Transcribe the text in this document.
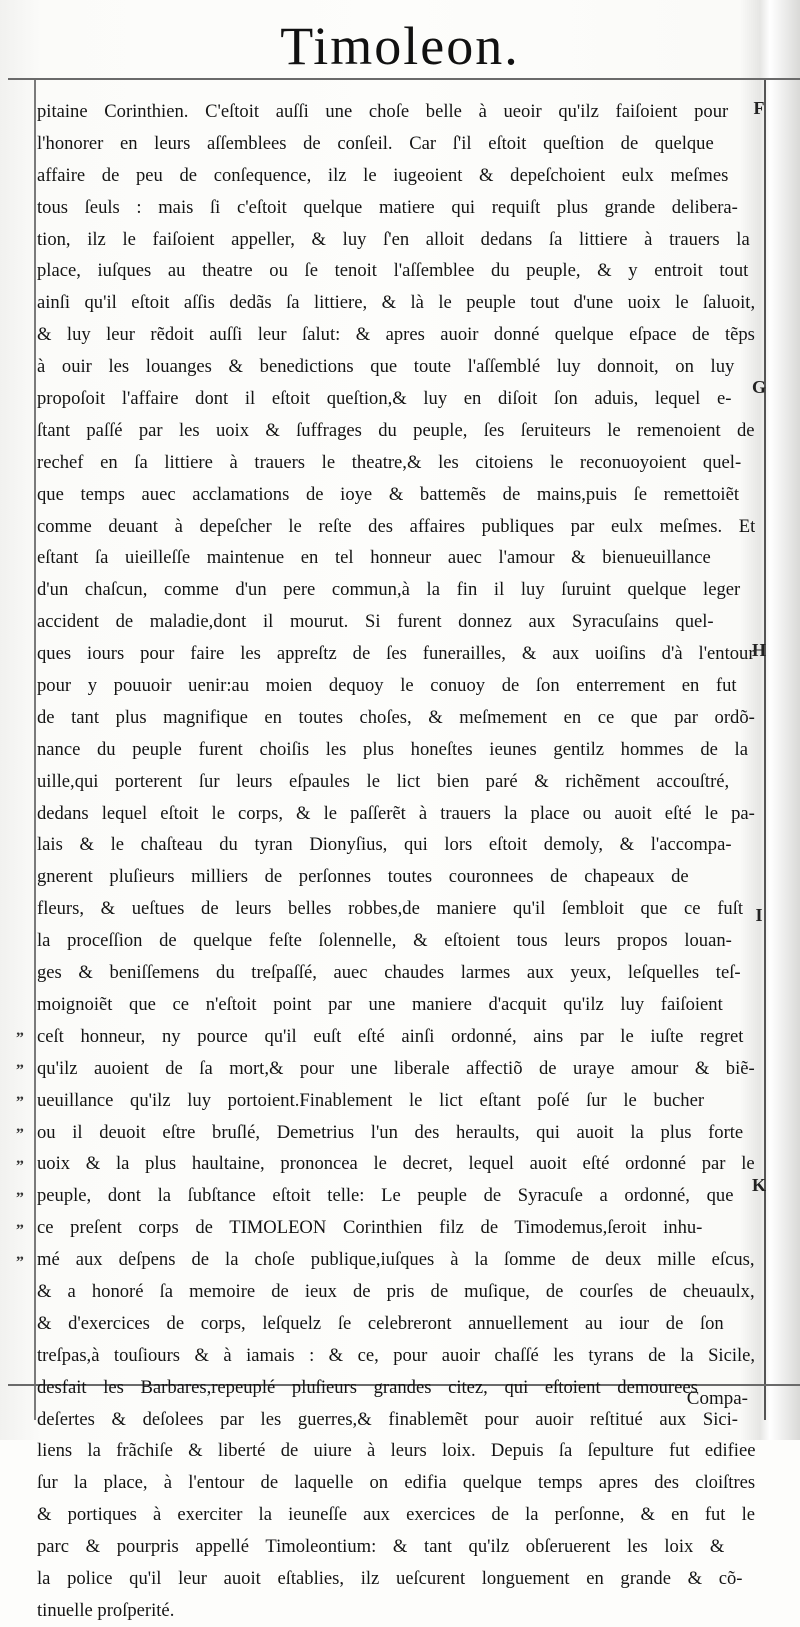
Timoleon.
pitaine Corinthien. C'eſtoit auſſi une choſe belle à ueoir qu'ilz faiſoient pour
l'honorer en leurs aſſemblees de conſeil. Car ſ'il eſtoit queſtion de quelque
affaire de peu de conſequence, ilz le iugeoient & depeſchoient eulx meſmes
tous ſeuls : mais ſi c'eſtoit quelque matiere qui requiſt plus grande delibera-
tion, ilz le faiſoient appeller, & luy ſ'en alloit dedans ſa littiere à trauers la
place, iuſques au theatre ou ſe tenoit l'aſſemblee du peuple, & y entroit tout
ainſi qu'il eſtoit aſſis dedãs ſa littiere, & là le peuple tout d'une uoix le ſaluoit,
& luy leur rẽdoit auſſi leur ſalut: & apres auoir donné quelque eſpace de tẽps
à ouir les louanges & benedictions que toute l'aſſemblé luy donnoit, on luy
propoſoit l'affaire dont il eſtoit queſtion,& luy en diſoit ſon aduis, lequel e-
ſtant paſſé par les uoix & ſuffrages du peuple, ſes ſeruiteurs le remenoient de
rechef en ſa littiere à trauers le theatre,& les citoiens le reconuoyoient quel-
que temps auec acclamations de ioye & battemẽs de mains,puis ſe remettoiẽt
comme deuant à depeſcher le reſte des affaires publiques par eulx meſmes. Et
eſtant ſa uieilleſſe maintenue en tel honneur auec l'amour & bienueuillance
d'un chaſcun, comme d'un pere commun,à la fin il luy ſuruint quelque leger
accident de maladie,dont il mourut. Si furent donnez aux Syracuſains quel-
ques iours pour faire les appreſtz de ſes funerailles, & aux uoiſins d'à l'entour
pour y pouuoir uenir:au moien dequoy le conuoy de ſon enterrement en fut
de tant plus magnifique en toutes choſes, & meſmement en ce que par ordõ-
nance du peuple furent choiſis les plus honeſtes ieunes gentilz hommes de la
uille,qui porterent ſur leurs eſpaules le lict bien paré & richẽment accouſtré,
dedans lequel eſtoit le corps, & le paſſerẽt à trauers la place ou auoit eſté le pa-
lais & le chaſteau du tyran Dionyſius, qui lors eſtoit demoly, & l'accompa-
gnerent pluſieurs milliers de perſonnes toutes couronnees de chapeaux de
fleurs, & ueſtues de leurs belles robbes,de maniere qu'il ſembloit que ce fuſt
la proceſſion de quelque feſte ſolennelle, & eſtoient tous leurs propos louan-
ges & beniſſemens du treſpaſſé, auec chaudes larmes aux yeux, leſquelles teſ-
moignoiẽt que ce n'eſtoit point par une maniere d'acquit qu'ilz luy faiſoient
ceſt honneur, ny pource qu'il euſt eſté ainſi ordonné, ains par le iuſte regret
qu'ilz auoient de ſa mort,& pour une liberale affectiõ de uraye amour & biẽ-
ueuillance qu'ilz luy portoient.Finablement le lict eſtant poſé ſur le bucher
ou il deuoit eſtre bruſlé, Demetrius l'un des heraults, qui auoit la plus forte
uoix & la plus haultaine, prononcea le decret, lequel auoit eſté ordonné par le
peuple, dont la ſubſtance eſtoit telle: Le peuple de Syracuſe a ordonné, que
ce preſent corps de TIMOLEON Corinthien filz de Timodemus,ſeroit inhu-
mé aux deſpens de la choſe publique,iuſques à la ſomme de deux mille eſcus,
& a honoré ſa memoire de ieux de pris de muſique, de courſes de cheuaulx,
& d'exercices de corps, leſquelz ſe celebreront annuellement au iour de ſon
treſpas,à touſiours & à iamais : & ce, pour auoir chaſſé les tyrans de la Sicile,
desfait les Barbares,repeuplé pluſieurs grandes citez, qui eſtoient demourees
deſertes & deſolees par les guerres,& finablemẽt pour auoir reſtitué aux Sici-
liens la frãchiſe & liberté de uiure à leurs loix. Depuis ſa ſepulture fut edifiee
ſur la place, à l'entour de laquelle on edifia quelque temps apres des cloiſtres
& portiques à exerciter la ieuneſſe aux exercices de la perſonne, & en fut le
parc & pourpris appellé Timoleontium: & tant qu'ilz obſeruerent les loix &
la police qu'il leur auoit eſtablies, ilz ueſcurent longuement en grande & cõ-
tinuelle proſperité.
F
G
H
I
K
„
„
„
„
„
„
„
„
Compa-
